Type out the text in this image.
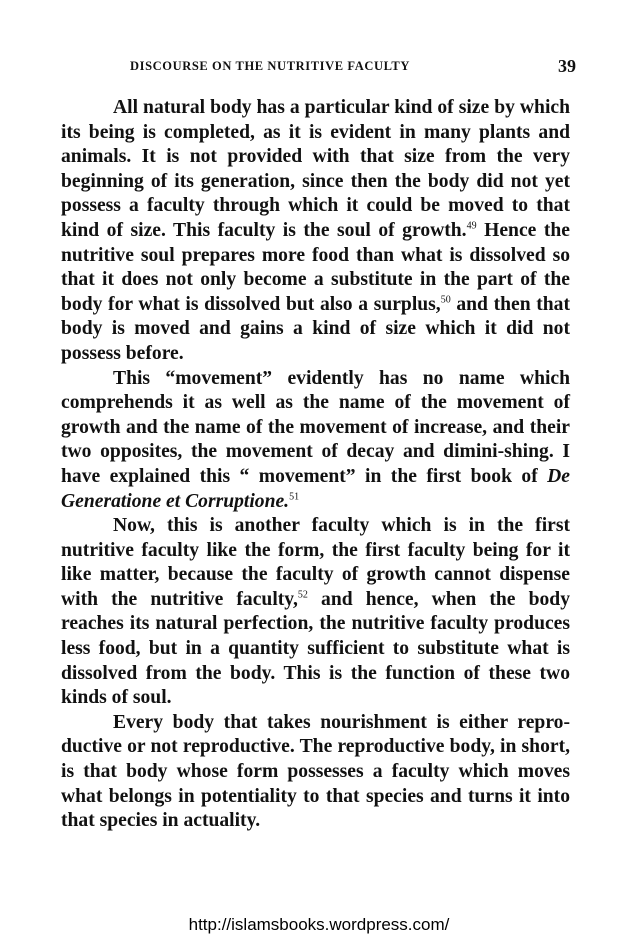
DISCOURSE ON THE NUTRITIVE FACULTY	39

All natural body has a particular kind of size by which its being is completed, as it is evident in many plants and animals. It is not provided with that size from the very beginning of its generation, since then the body did not yet possess a faculty through which it could be moved to that kind of size. This faculty is the soul of growth.$^{49}$ Hence the nutritive soul prepares more food than what is dissolved so that it does not only become a substitute in the part of the body for what is dissolved but also a surplus,$^{50}$ and then that body is moved and gains a kind of size which it did not possess before.

This “movement” evidently has no name which comprehends it as well as the name of the movement of growth and the name of the movement of increase, and their two opposites, the movement of decay and dimini-shing. I have explained this “ movement” in the first book of De Generatione et Corruptione.$^{51}$

Now, this is another faculty which is in the first nutritive faculty like the form, the first faculty being for it like matter, because the faculty of growth cannot dispense with the nutritive faculty,$^{52}$ and hence, when the body reaches its natural perfection, the nutritive faculty produces less food, but in a quantity sufficient to substitute what is dissolved from the body. This is the function of these two kinds of soul.

Every body that takes nourishment is either repro-ductive or not reproductive. The reproductive body, in short, is that body whose form possesses a faculty which moves what belongs in potentiality to that species and turns it into that species in actuality.

http://islamsbooks.wordpress.com/
